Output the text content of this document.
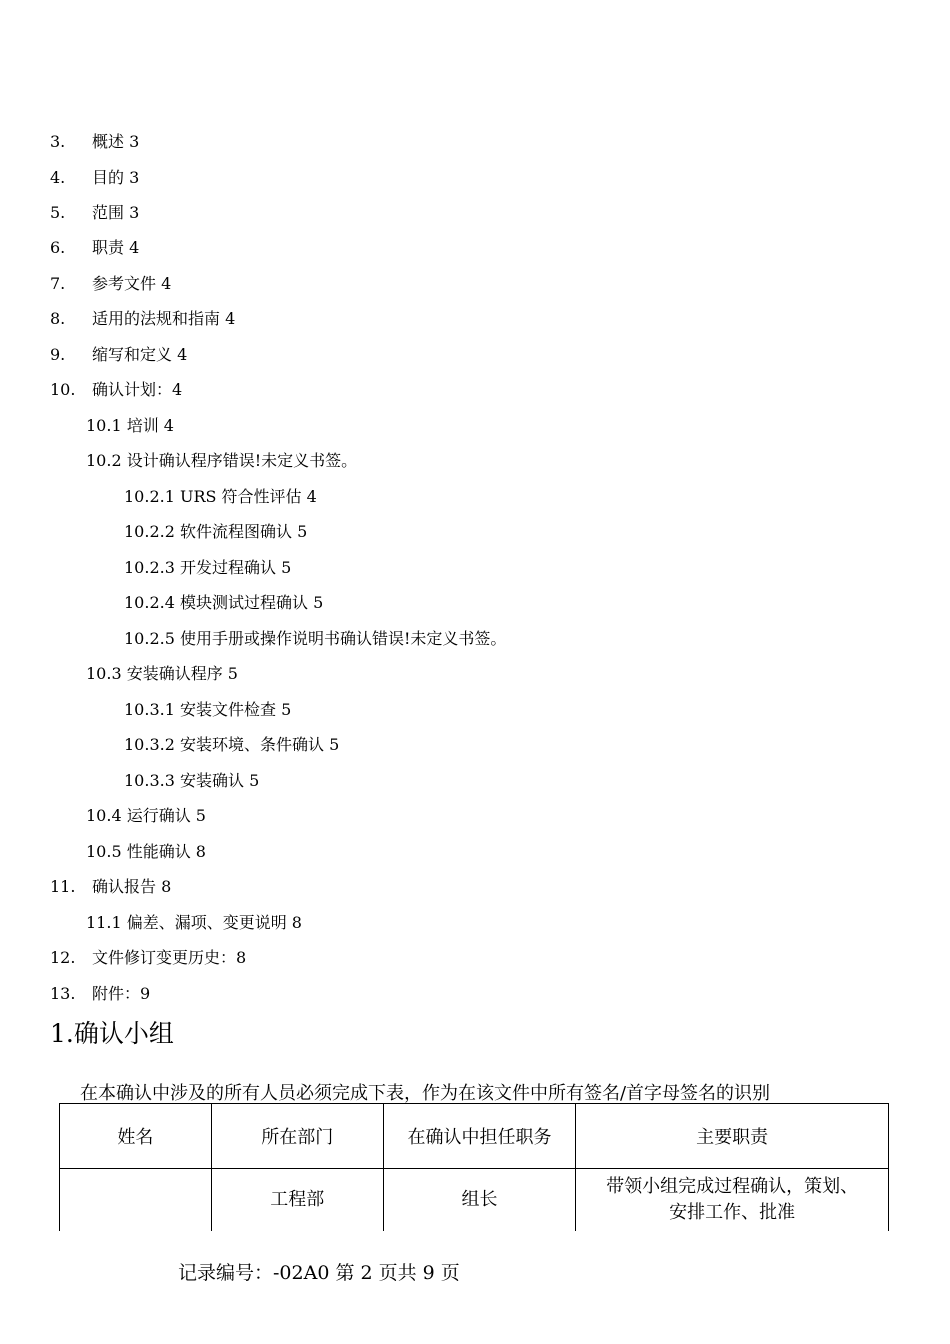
3. 概述 3
4. 目的 3
5. 范围 3
6. 职责 4
7. 参考文件 4
8. 适用的法规和指南 4
9. 缩写和定义 4
10. 确认计划：4
10.1 培训 4
10.2 设计确认程序错误!未定义书签。
10.2.1 URS 符合性评估 4
10.2.2 软件流程图确认 5
10.2.3 开发过程确认 5
10.2.4 模块测试过程确认 5
10.2.5 使用手册或操作说明书确认错误!未定义书签。
10.3 安装确认程序 5
10.3.1 安装文件检查 5
10.3.2 安装环境、条件确认 5
10.3.3 安装确认 5
10.4 运行确认 5
10.5 性能确认 8
11. 确认报告 8
11.1 偏差、漏项、变更说明 8
12. 文件修订变更历史：8
13. 附件：9
1.确认小组
在本确认中涉及的所有人员必须完成下表，作为在该文件中所有签名/首字母签名的识别
姓名	所在部门	在确认中担任职务	主要职责
	工程部	组长	带领小组完成过程确认，策划、
安排工作、批准
记录编号：-02A0 第 2 页共 9 页
